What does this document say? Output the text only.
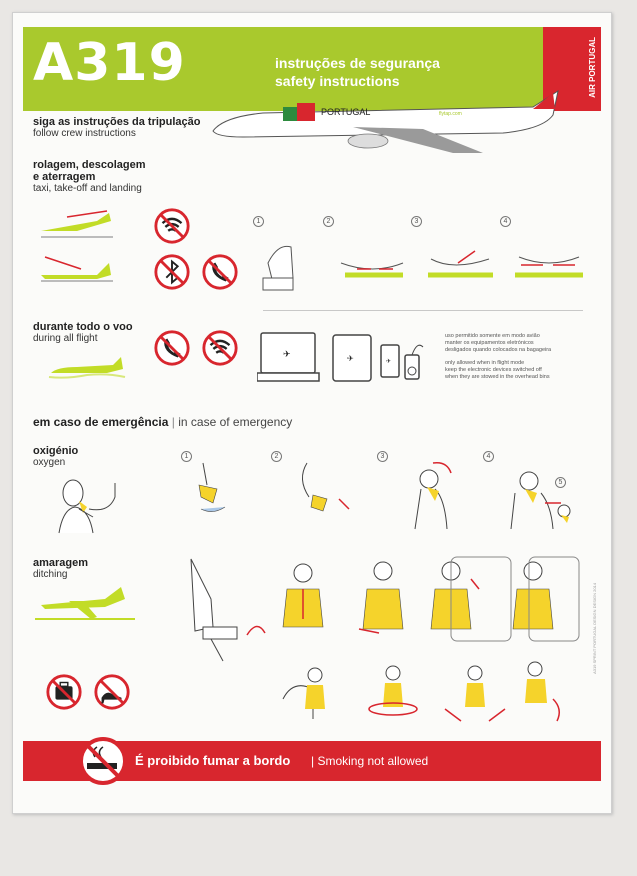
A319	instruções de segurança
safety instructions	AIR PORTUGAL
PORTUGAL	flytap.com
siga as instruções da tripulação
follow crew instructions
rolagem, descolagem
e aterragem
taxi, take-off and landing
1	2	3	4
durante todo o voo
during all flight
✈	✈	✈
uso permitido somente em modo avião
manter os equipamentos eletrónicos
desligados quando colocados na bagageira
only allowed when in flight mode
keep the electronic devices switched off
when they are stowed in the overhead bins
em caso de emergência | in case of emergency
oxigénio
oxygen
1	2	3	4
5
amaragem
ditching
A319 SPRINT PORTUGAL DESIGN DESIGN 2014
É proibido fumar a bordo | Smoking not allowed
